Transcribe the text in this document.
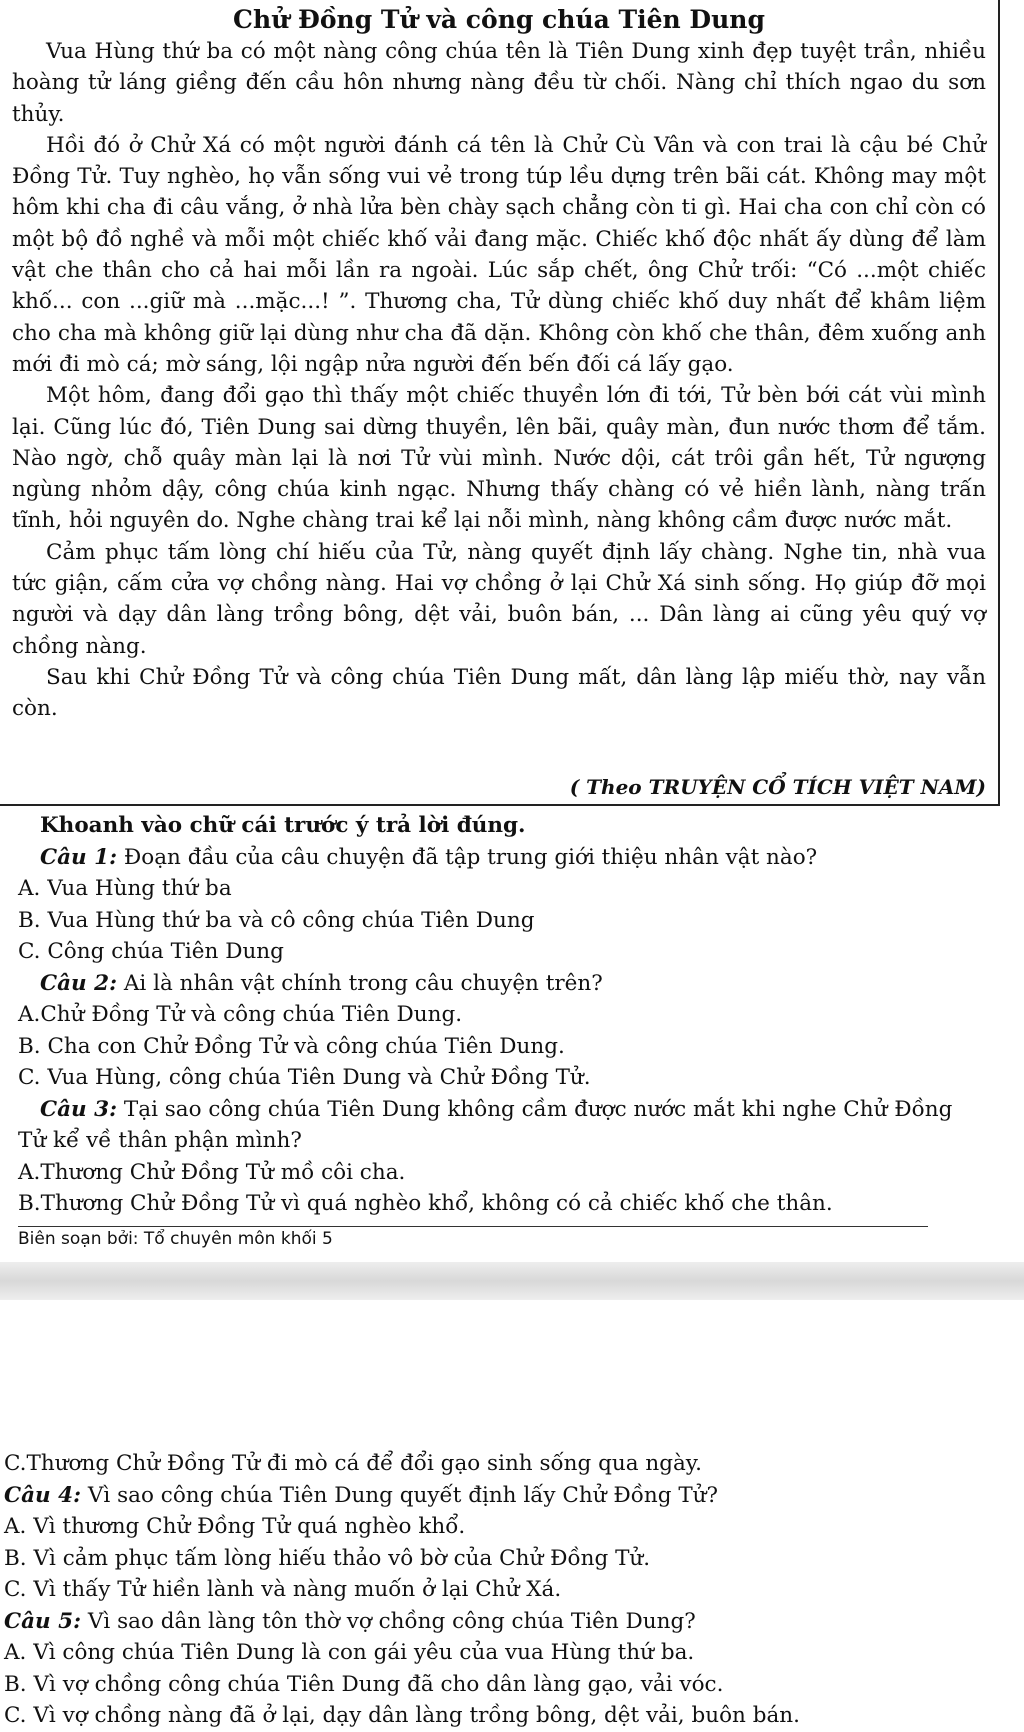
Chử Đồng Tử và công chúa Tiên Dung

Vua Hùng thứ ba có một nàng công chúa tên là Tiên Dung xinh đẹp tuyệt trần, nhiều hoàng tử láng giềng đến cầu hôn nhưng nàng đều từ chối. Nàng chỉ thích ngao du sơn thủy.

Hồi đó ở Chử Xá có một người đánh cá tên là Chử Cù Vân và con trai là cậu bé Chử Đồng Tử. Tuy nghèo, họ vẫn sống vui vẻ trong túp lều dựng trên bãi cát. Không may một hôm khi cha đi câu vắng, ở nhà lửa bèn chày sạch chẳng còn ti gì. Hai cha con chỉ còn có một bộ đồ nghề và mỗi một chiếc khố vải đang mặc. Chiếc khố độc nhất ấy dùng để làm vật che thân cho cả hai mỗi lần ra ngoài. Lúc sắp chết, ông Chử trối: “Có ...một chiếc khố... con ...giữ mà ...mặc...! ”. Thương cha, Tử dùng chiếc khố duy nhất để khâm liệm cho cha mà không giữ lại dùng như cha đã dặn. Không còn khố che thân, đêm xuống anh mới đi mò cá; mờ sáng, lội ngập nửa người đến bến đối cá lấy gạo.

Một hôm, đang đổi gạo thì thấy một chiếc thuyền lớn đi tới, Tử bèn bới cát vùi mình lại. Cũng lúc đó, Tiên Dung sai dừng thuyền, lên bãi, quây màn, đun nước thơm để tắm. Nào ngờ, chỗ quây màn lại là nơi Tử vùi mình. Nước dội, cát trôi gần hết, Tử ngượng ngùng nhỏm dậy, công chúa kinh ngạc. Nhưng thấy chàng có vẻ hiền lành, nàng trấn tĩnh, hỏi nguyên do. Nghe chàng trai kể lại nỗi mình, nàng không cầm được nước mắt.

Cảm phục tấm lòng chí hiếu của Tử, nàng quyết định lấy chàng. Nghe tin, nhà vua tức giận, cấm cửa vợ chồng nàng. Hai vợ chồng ở lại Chử Xá sinh sống. Họ giúp đỡ mọi người và dạy dân làng trồng bông, dệt vải, buôn bán, ... Dân làng ai cũng yêu quý vợ chồng nàng.

Sau khi Chử Đồng Tử và công chúa Tiên Dung mất, dân làng lập miếu thờ, nay vẫn còn.

( Theo TRUYỆN CỔ TÍCH VIỆT NAM)

Khoanh vào chữ cái trước ý trả lời đúng.

Câu 1: Đoạn đầu của câu chuyện đã tập trung giới thiệu nhân vật nào?

A. Vua Hùng thứ ba

B. Vua Hùng thứ ba và cô công chúa Tiên Dung

C. Công chúa Tiên Dung

Câu 2: Ai là nhân vật chính trong câu chuyện trên?

A.Chử Đồng Tử và công chúa Tiên Dung.

B. Cha con Chử Đồng Tử và công chúa Tiên Dung.

C. Vua Hùng, công chúa Tiên Dung và Chử Đồng Tử.

Câu 3: Tại sao công chúa Tiên Dung không cầm được nước mắt khi nghe Chử Đồng

Tử kể về thân phận mình?

A.Thương Chử Đồng Tử mồ côi cha.

B.Thương Chử Đồng Tử vì quá nghèo khổ, không có cả chiếc khố che thân.

Biên soạn bởi: Tổ chuyên môn khối 5

C.Thương Chử Đồng Tử đi mò cá để đổi gạo sinh sống qua ngày.

Câu 4: Vì sao công chúa Tiên Dung quyết định lấy Chử Đồng Tử?

A. Vì thương Chử Đồng Tử quá nghèo khổ.

B. Vì cảm phục tấm lòng hiếu thảo vô bờ của Chử Đồng Tử.

C. Vì thấy Tử hiền lành và nàng muốn ở lại Chử Xá.

Câu 5: Vì sao dân làng tôn thờ vợ chồng công chúa Tiên Dung?

A. Vì công chúa Tiên Dung là con gái yêu của vua Hùng thứ ba.

B. Vì vợ chồng công chúa Tiên Dung đã cho dân làng gạo, vải vóc.

C. Vì vợ chồng nàng đã ở lại, dạy dân làng trồng bông, dệt vải, buôn bán.
